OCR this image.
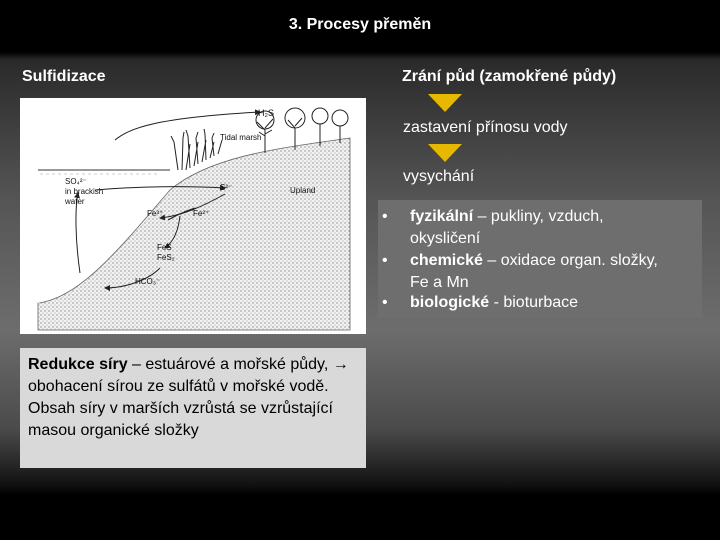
3. Procesy přeměn
Sulfidizace	Zrání půd (zamokřené půdy)
zastavení přínosu vody
vysychání
H₂S
Tidal marsh
SO₄²⁻
in brackish
water
S²⁻	Upland
Fe³⁺	Fe²⁺
FeS
FeS₂
HCO₃⁻
• fyzikální – pukliny, vzduch,
okysličení
• chemické – oxidace organ. složky,
Fe a Mn
• biologické - bioturbace
Redukce síry – estuárové a mořské půdy, → obohacení sírou ze sulfátů v mořské vodě. Obsah síry v marších vzrůstá se vzrůstající masou organické složky
